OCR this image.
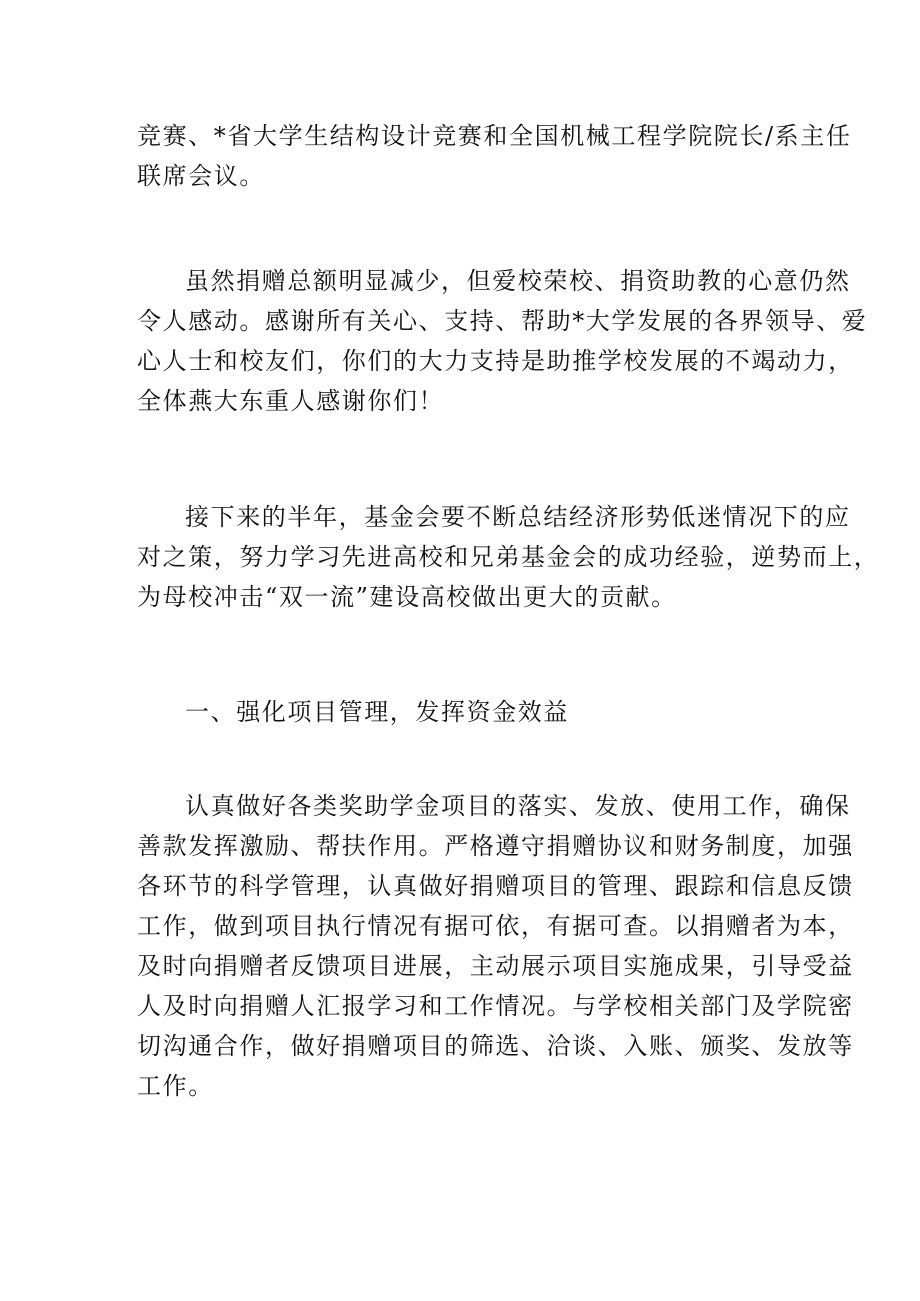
竞赛、*省大学生结构设计竞赛和全国机械工程学院院长/系主任
联席会议。
虽然捐赠总额明显减少，但爱校荣校、捐资助教的心意仍然
令人感动。感谢所有关心、支持、帮助*大学发展的各界领导、爱
心人士和校友们，你们的大力支持是助推学校发展的不竭动力，
全体燕大东重人感谢你们！
接下来的半年，基金会要不断总结经济形势低迷情况下的应
对之策，努力学习先进高校和兄弟基金会的成功经验，逆势而上，
为母校冲击“双一流”建设高校做出更大的贡献。
一、强化项目管理，发挥资金效益
认真做好各类奖助学金项目的落实、发放、使用工作，确保
善款发挥激励、帮扶作用。严格遵守捐赠协议和财务制度，加强
各环节的科学管理，认真做好捐赠项目的管理、跟踪和信息反馈
工作，做到项目执行情况有据可依，有据可查。以捐赠者为本，
及时向捐赠者反馈项目进展，主动展示项目实施成果，引导受益
人及时向捐赠人汇报学习和工作情况。与学校相关部门及学院密
切沟通合作，做好捐赠项目的筛选、洽谈、入账、颁奖、发放等
工作。
